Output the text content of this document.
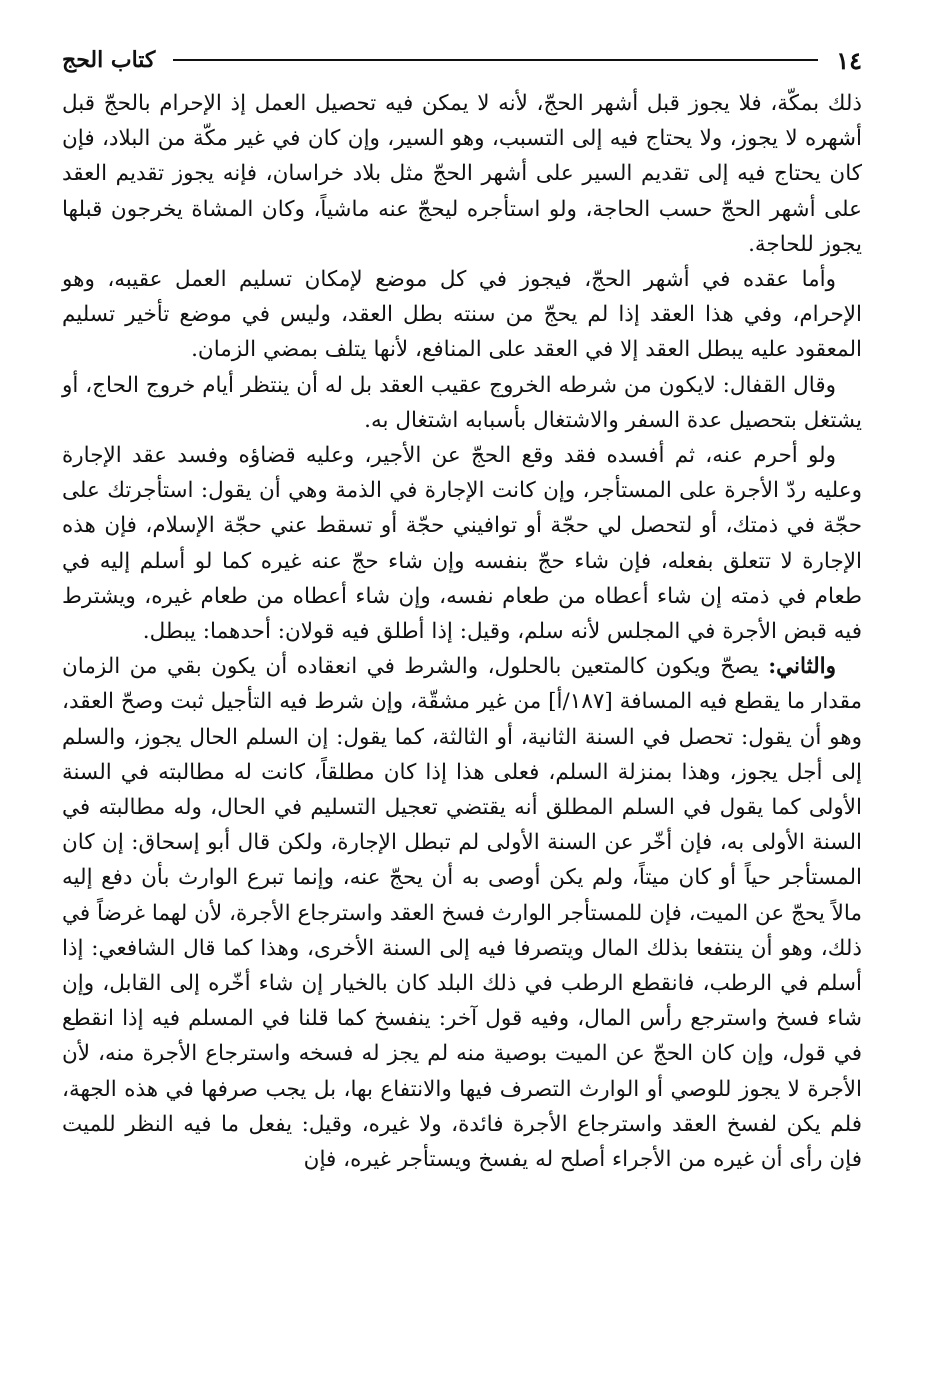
١٤
كتاب الحج

ذلك بمكّة، فلا يجوز قبل أشهر الحجّ، لأنه لا يمكن فيه تحصيل العمل إذ الإحرام بالحجّ قبل أشهره لا يجوز، ولا يحتاج فيه إلى التسبب، وهو السير، وإن كان في غير مكّة من البلاد، فإن كان يحتاج فيه إلى تقديم السير على أشهر الحجّ مثل بلاد خراسان، فإنه يجوز تقديم العقد على أشهر الحجّ حسب الحاجة، ولو استأجره ليحجّ عنه ماشياً، وكان المشاة يخرجون قبلها يجوز للحاجة.

وأما عقده في أشهر الحجّ، فيجوز في كل موضع لإمكان تسليم العمل عقيبه، وهو الإحرام، وفي هذا العقد إذا لم يحجّ من سنته بطل العقد، وليس في موضع تأخير تسليم المعقود عليه يبطل العقد إلا في العقد على المنافع، لأنها يتلف بمضي الزمان.

وقال القفال: لايكون من شرطه الخروج عقيب العقد بل له أن ينتظر أيام خروج الحاج، أو يشتغل بتحصيل عدة السفر والاشتغال بأسبابه اشتغال به.

ولو أحرم عنه، ثم أفسده فقد وقع الحجّ عن الأجير، وعليه قضاؤه وفسد عقد الإجارة وعليه ردّ الأجرة على المستأجر، وإن كانت الإجارة في الذمة وهي أن يقول: استأجرتك على حجّة في ذمتك، أو لتحصل لي حجّة أو توافيني حجّة أو تسقط عني حجّة الإسلام، فإن هذه الإجارة لا تتعلق بفعله، فإن شاء حجّ بنفسه وإن شاء حجّ عنه غيره كما لو أسلم إليه في طعام في ذمته إن شاء أعطاه من طعام نفسه، وإن شاء أعطاه من طعام غيره، ويشترط فيه قبض الأجرة في المجلس لأنه سلم، وقيل: إذا أطلق فيه قولان: أحدهما: يبطل.

والثاني: يصحّ ويكون كالمتعين بالحلول، والشرط في انعقاده أن يكون بقي من الزمان مقدار ما يقطع فيه المسافة [١٨٧/أ] من غير مشقّة، وإن شرط فيه التأجيل ثبت وصحّ العقد، وهو أن يقول: تحصل في السنة الثانية، أو الثالثة، كما يقول: إن السلم الحال يجوز، والسلم إلى أجل يجوز، وهذا بمنزلة السلم، فعلى هذا إذا كان مطلقاً، كانت له مطالبته في السنة الأولى كما يقول في السلم المطلق أنه يقتضي تعجيل التسليم في الحال، وله مطالبته في السنة الأولى به، فإن أخّر عن السنة الأولى لم تبطل الإجارة، ولكن قال أبو إسحاق: إن كان المستأجر حياً أو كان ميتاً، ولم يكن أوصى به أن يحجّ عنه، وإنما تبرع الوارث بأن دفع إليه مالاً يحجّ عن الميت، فإن للمستأجر الوارث فسخ العقد واسترجاع الأجرة، لأن لهما غرضاً في ذلك، وهو أن ينتفعا بذلك المال ويتصرفا فيه إلى السنة الأخرى، وهذا كما قال الشافعي: إذا أسلم في الرطب، فانقطع الرطب في ذلك البلد كان بالخيار إن شاء أخّره إلى القابل، وإن شاء فسخ واسترجع رأس المال، وفيه قول آخر: ينفسخ كما قلنا في المسلم فيه إذا انقطع في قول، وإن كان الحجّ عن الميت بوصية منه لم يجز له فسخه واسترجاع الأجرة منه، لأن الأجرة لا يجوز للوصي أو الوارث التصرف فيها والانتفاع بها، بل يجب صرفها في هذه الجهة، فلم يكن لفسخ العقد واسترجاع الأجرة فائدة، ولا غيره، وقيل: يفعل ما فيه النظر للميت فإن رأى أن غيره من الأجراء أصلح له يفسخ ويستأجر غيره، فإن
